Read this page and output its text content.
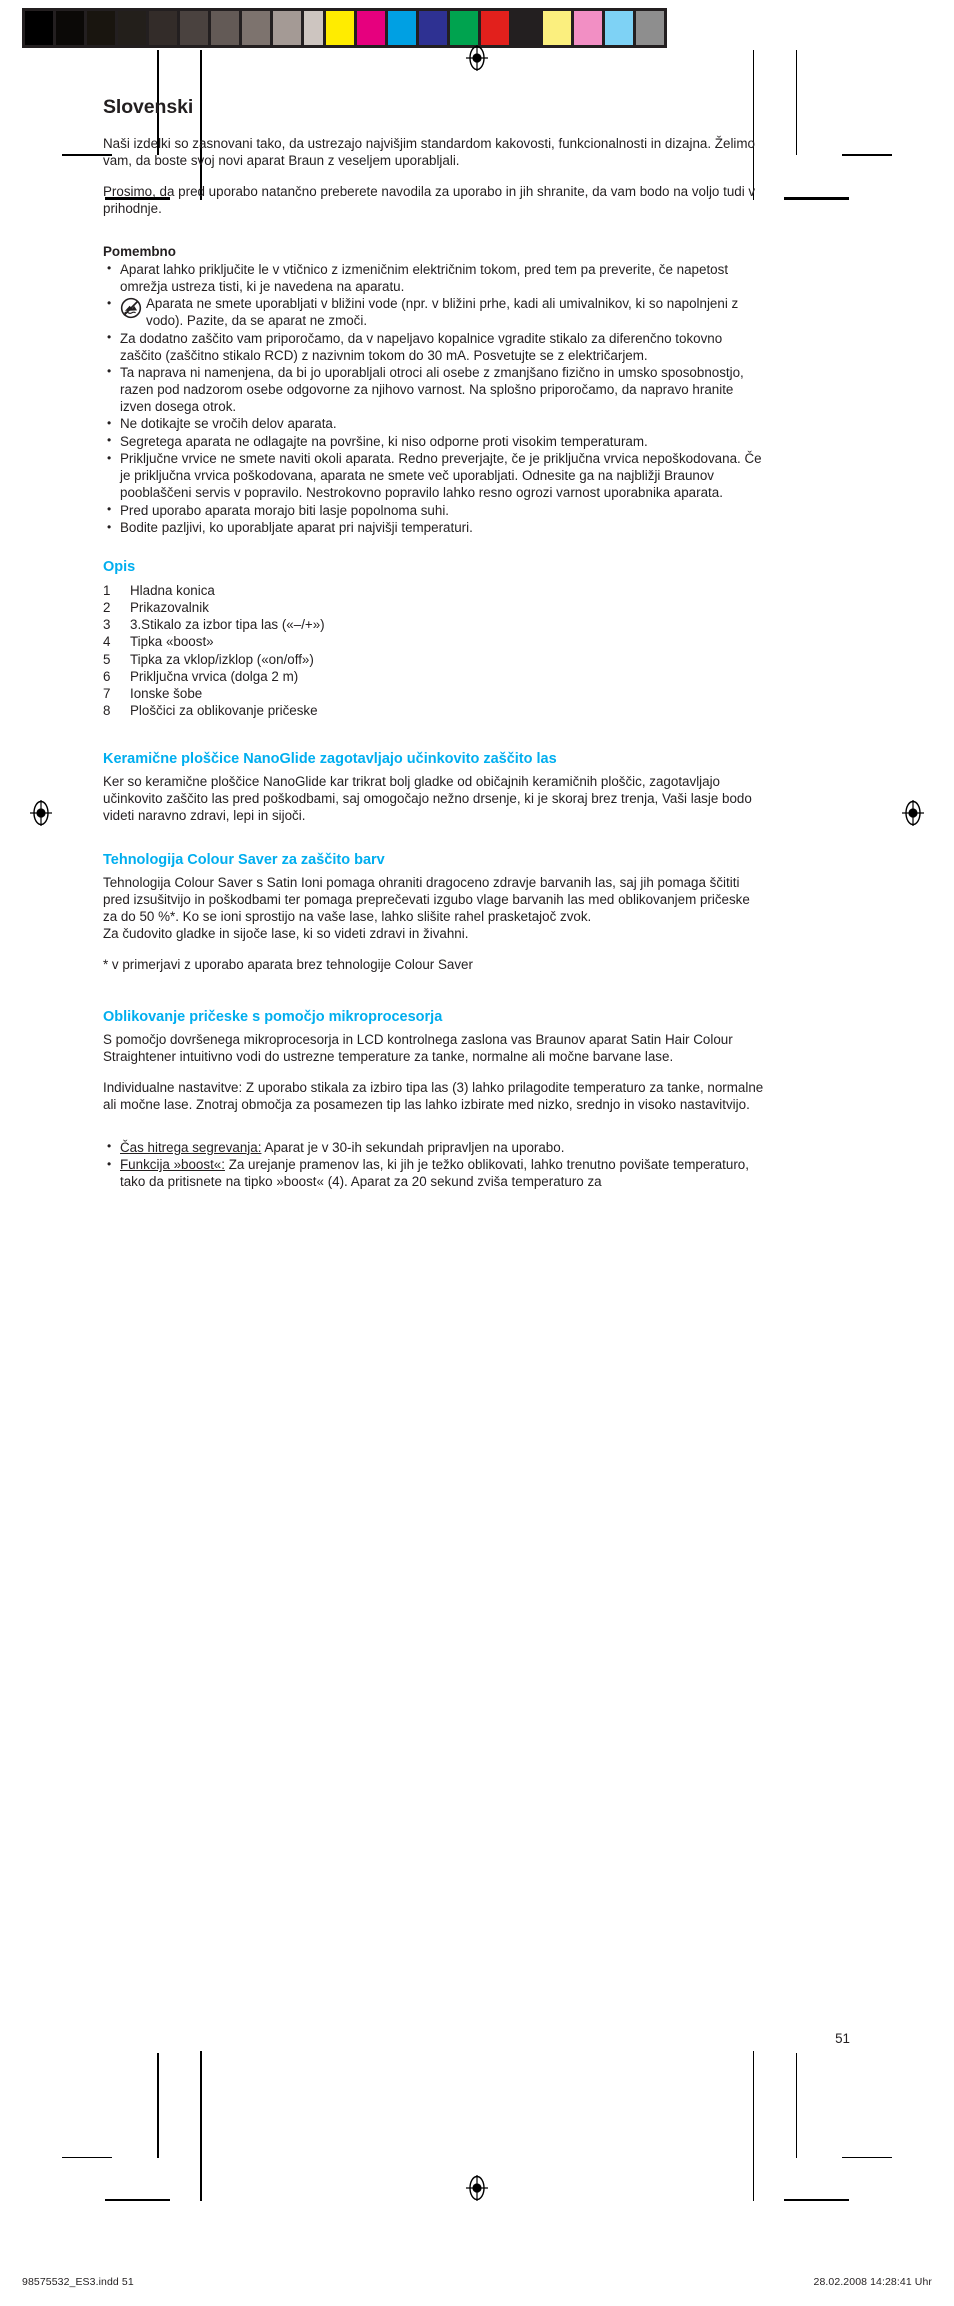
Slovenski

Naši izdelki so zasnovani tako, da ustrezajo najvišjim standardom kakovosti, funkcionalnosti in dizajna. Želimo vam, da boste svoj novi aparat Braun z veseljem uporabljali.

Prosimo, da pred uporabo natančno preberete navodila za uporabo in jih shranite, da vam bodo na voljo tudi v prihodnje.

Pomembno
• Aparat lahko priključite le v vtičnico z izmeničnim električnim tokom, pred tem pa preverite, če napetost omrežja ustreza tisti, ki je navedena na aparatu.
• Aparata ne smete uporabljati v bližini vode (npr. v bližini prhe, kadi ali umivalnikov, ki so napolnjeni z vodo). Pazite, da se aparat ne zmoči.
• Za dodatno zaščito vam priporočamo, da v napeljavo kopalnice vgradite stikalo za diferenčno tokovno zaščito (zaščitno stikalo RCD) z nazivnim tokom do 30 mA. Posvetujte se z električarjem.
• Ta naprava ni namenjena, da bi jo uporabljali otroci ali osebe z zmanjšano fizično in umsko sposobnostjo, razen pod nadzorom osebe odgovorne za njihovo varnost. Na splošno priporočamo, da napravo hranite izven dosega otrok.
• Ne dotikajte se vročih delov aparata.
• Segretega aparata ne odlagajte na površine, ki niso odporne proti visokim temperaturam.
• Priključne vrvice ne smete naviti okoli aparata. Redno preverjajte, če je priključna vrvica nepoškodovana. Če je priključna vrvica poškodovana, aparata ne smete več uporabljati. Odnesite ga na najbližji Braunov pooblaščeni servis v popravilo. Nestrokovno popravilo lahko resno ogrozi varnost uporabnika aparata.
• Pred uporabo aparata morajo biti lasje popolnoma suhi.
• Bodite pazljivi, ko uporabljate aparat pri najvišji temperaturi.
Opis
1 Hladna konica
2 Prikazovalnik
3 3.Stikalo za izbor tipa las («–/+»)
4 Tipka «boost»
5 Tipka za vklop/izklop («on/off»)
6 Priključna vrvica (dolga 2 m)
7 Ionske šobe
8 Ploščici za oblikovanje pričeske
Keramične ploščice NanoGlide zagotavljajo učinkovito zaščito las

Ker so keramične ploščice NanoGlide kar trikrat bolj gladke od običajnih keramičnih ploščic, zagotavljajo učinkovito zaščito las pred poškodbami, saj omogočajo nežno drsenje, ki je skoraj brez trenja, Vaši lasje bodo videti naravno zdravi, lepi in sijoči.

Tehnologija Colour Saver za zaščito barv

Tehnologija Colour Saver s Satin Ioni pomaga ohraniti dragoceno zdravje barvanih las, saj jih pomaga ščititi pred izsušitvijo in poškodbami ter pomaga preprečevati izgubo vlage barvanih las med oblikovanjem pričeske za do 50 %*. Ko se ioni sprostijo na vaše lase, lahko slišite rahel prasketajoč zvok.

Za čudovito gladke in sijoče lase, ki so videti zdravi in živahni.

* v primerjavi z uporabo aparata brez tehnologije Colour Saver

Oblikovanje pričeske s pomočjo mikroprocesorja

S pomočjo dovršenega mikroprocesorja in LCD kontrolnega zaslona vas Braunov aparat Satin Hair Colour Straightener intuitivno vodi do ustrezne temperature za tanke, normalne ali močne barvane lase.

Individualne nastavitve: Z uporabo stikala za izbiro tipa las (3) lahko prilagodite temperaturo za tanke, normalne ali močne lase. Znotraj območja za posamezen tip las lahko izbirate med nizko, srednjo in visoko nastavitvijo.

• Čas hitrega segrevanja: Aparat je v 30-ih sekundah pripravljen na uporabo.
• Funkcija »boost«: Za urejanje pramenov las, ki jih je težko oblikovati, lahko trenutno povišate temperaturo, tako da pritisnete na tipko »boost« (4). Aparat za 20 sekund zviša temperaturo za
51
98575532_ES3.indd 51	28.02.2008 14:28:41 Uhr
